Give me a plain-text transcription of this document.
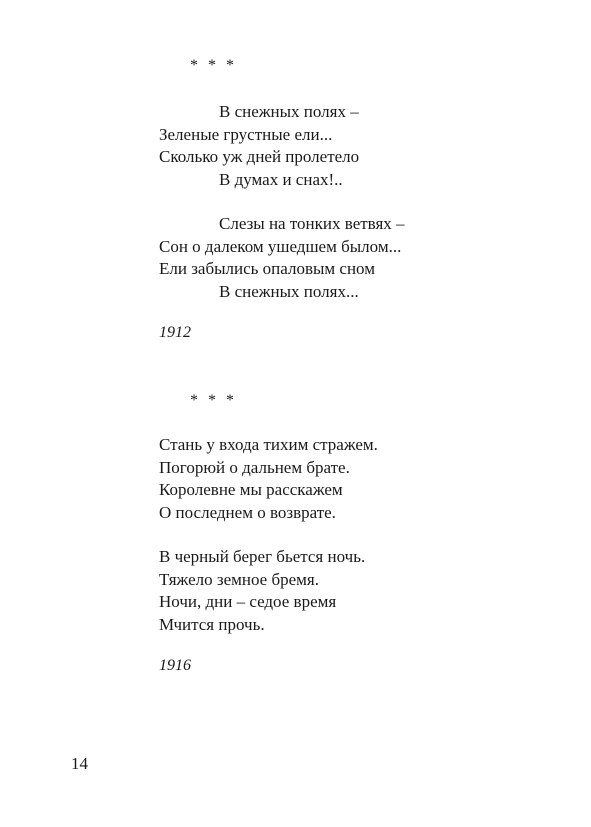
* * *
В снежных полях –
Зеленые грустные ели...
Сколько уж дней пролетело
В думах и снах!..
Слезы на тонких ветвях –
Сон о далеком ушедшем былом...
Ели забылись опаловым сном
В снежных полях...
1912
* * *
Стань у входа тихим стражем.
Погорюй о дальнем брате.
Королевне мы расскажем
О последнем о возврате.
В черный берег бьется ночь.
Тяжело земное бремя.
Ночи, дни – седое время
Мчится прочь.
1916
14
